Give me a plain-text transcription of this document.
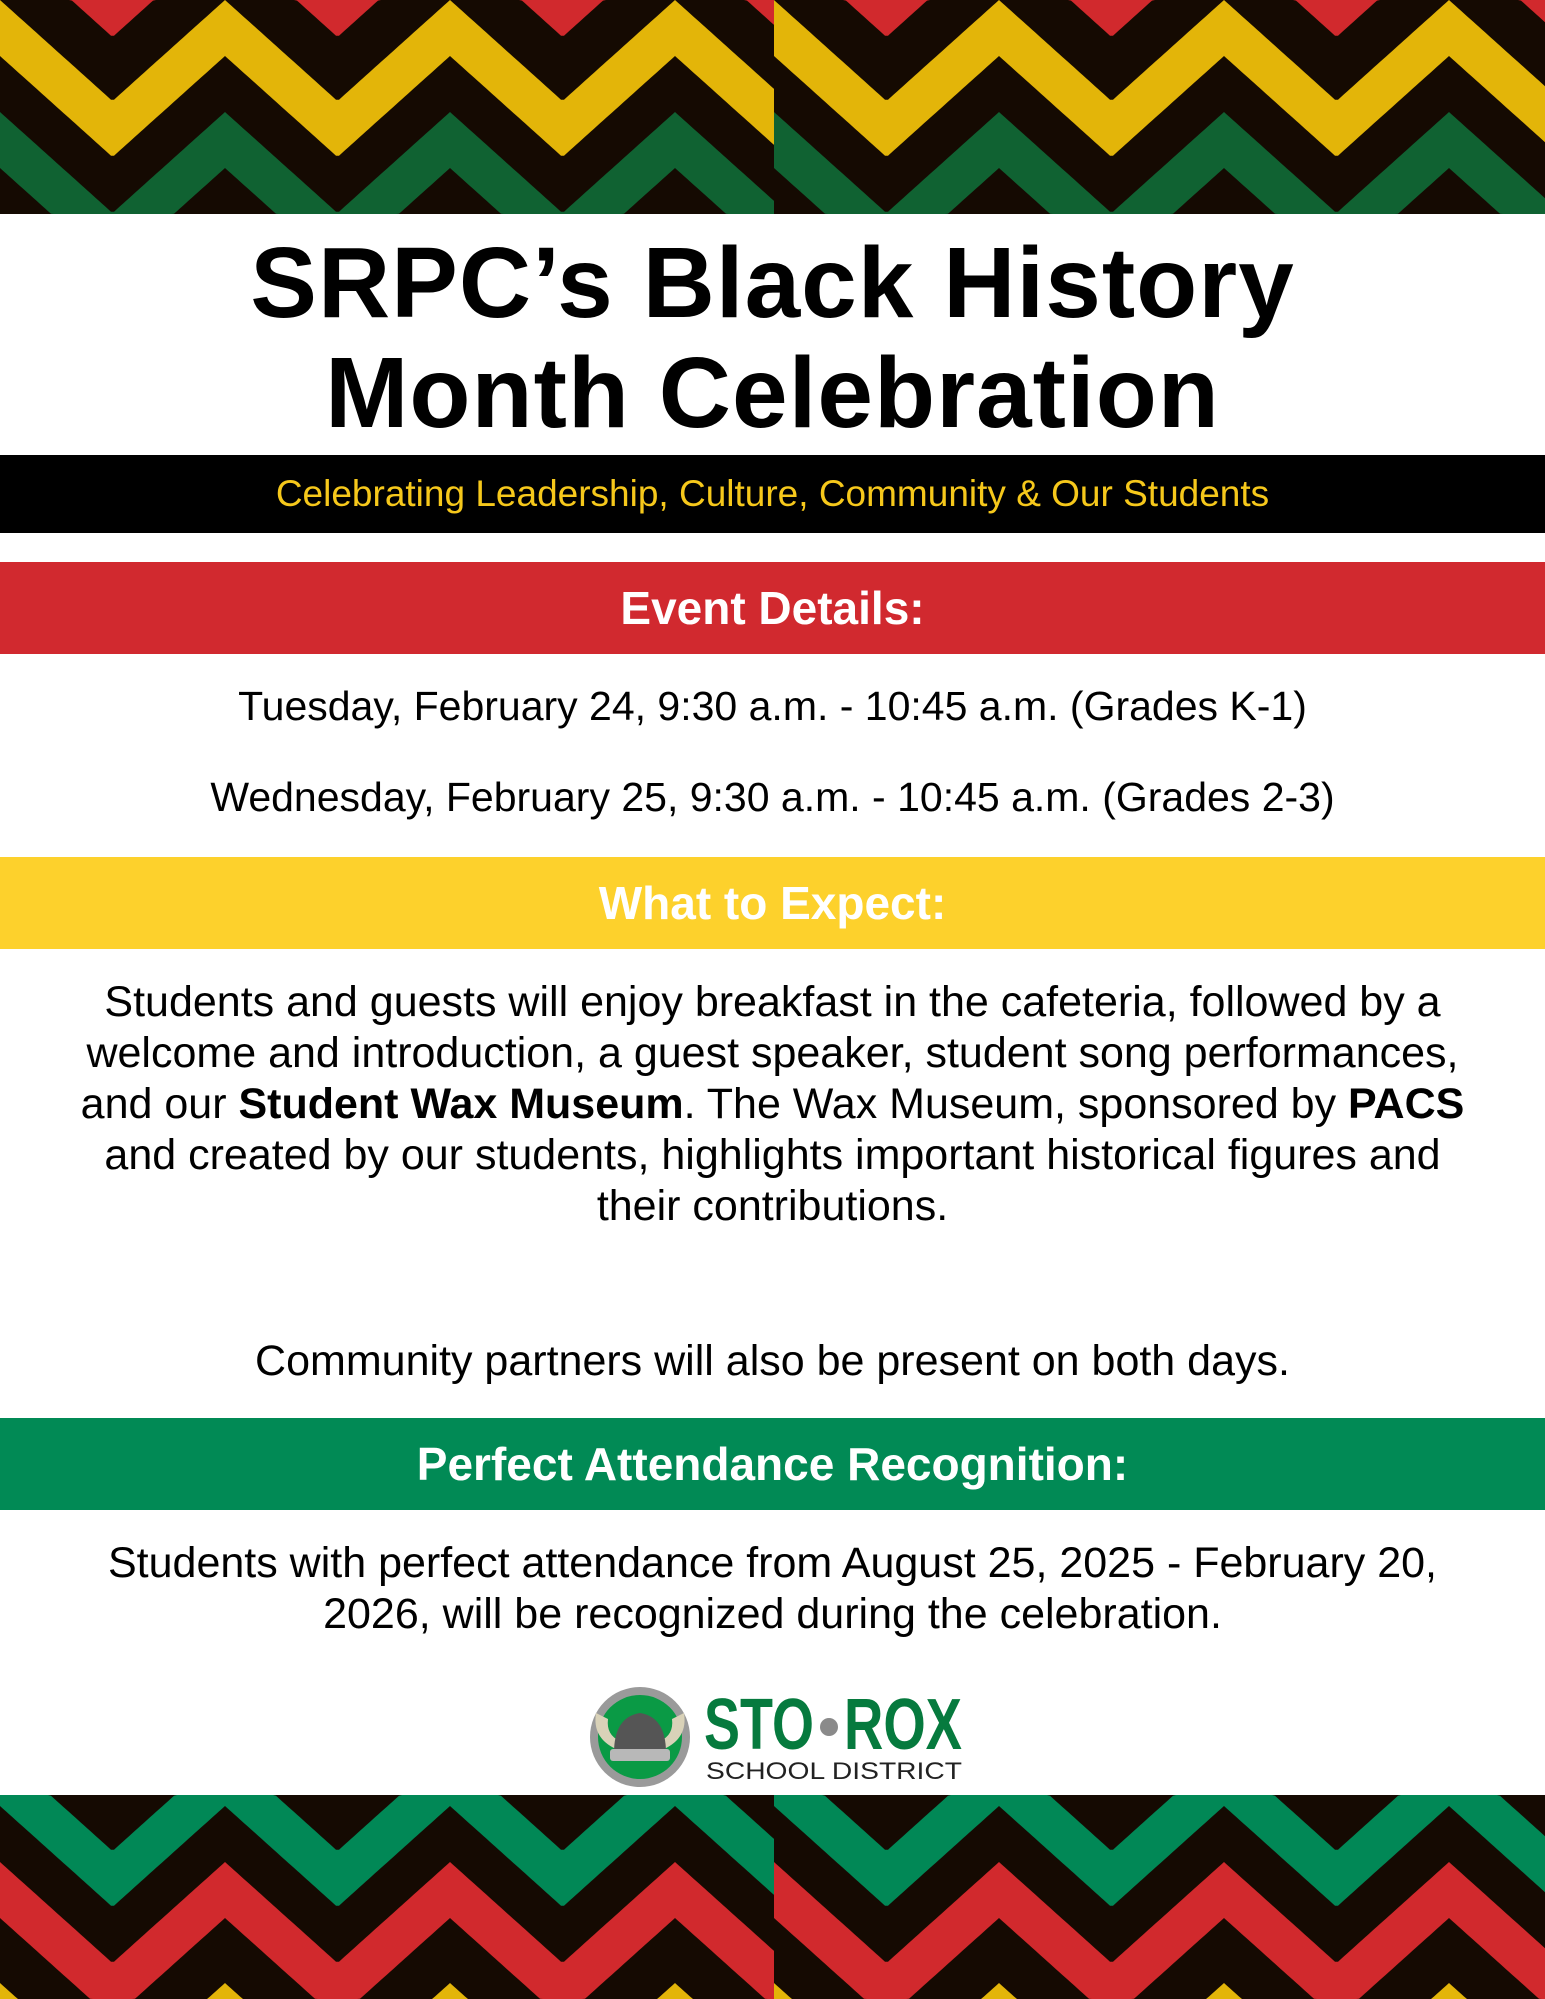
SRPC’s Black History
Month Celebration
Celebrating Leadership, Culture, Community & Our Students
Event Details:
Tuesday, February 24, 9:30 a.m. - 10:45 a.m. (Grades K-1)
Wednesday, February 25, 9:30 a.m. - 10:45 a.m. (Grades 2-3)
What to Expect:
Students and guests will enjoy breakfast in the cafeteria, followed by a welcome and introduction, a guest speaker, student song performances, and our Student Wax Museum. The Wax Museum, sponsored by PACS and created by our students, highlights important historical figures and their contributions.
Community partners will also be present on both days.
Perfect Attendance Recognition:
Students with perfect attendance from August 25, 2025 - February 20, 2026, will be recognized during the celebration.
STO ROX
SCHOOL DISTRICT
